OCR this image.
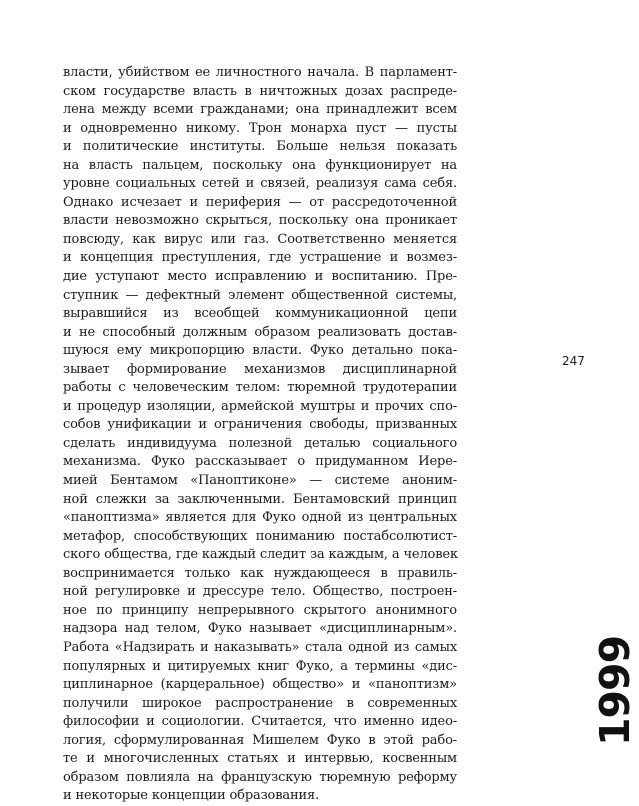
власти, убийством ее личностного начала. В парламент-
ском государстве власть в ничтожных дозах распреде-
лена между всеми гражданами; она принадлежит всем
и одновременно никому. Трон монарха пуст — пусты
и политические институты. Больше нельзя показать
на власть пальцем, поскольку она функционирует на
уровне социальных сетей и связей, реализуя сама себя.
Однако исчезает и периферия — от рассредоточенной
власти невозможно скрыться, поскольку она проникает
повсюду, как вирус или газ. Соответственно меняется
и концепция преступления, где устрашение и возмез-
дие уступают место исправлению и воспитанию. Пре-
ступник — дефектный элемент общественной системы,
выравшийся из всеобщей коммуникационной цепи
и не способный должным образом реализовать достав-
шуюся ему микропорцию власти. Фуко детально пока-
зывает формирование механизмов дисциплинарной
работы с человеческим телом: тюремной трудотерапии
и процедур изоляции, армейской муштры и прочих спо-
собов унификации и ограничения свободы, призванных
сделать индивидуума полезной деталью социального
механизма. Фуко рассказывает о придуманном Иере-
мией Бентамом «Паноптиконе» — системе аноним-
ной слежки за заключенными. Бентамовский принцип
«паноптизма» является для Фуко одной из центральных
метафор, способствующих пониманию постабсолютист-
ского общества, где каждый следит за каждым, а человек
воспринимается только как нуждающееся в правиль-
ной регулировке и дрессуре тело. Общество, построен-
ное по принципу непрерывного скрытого анонимного
надзора над телом, Фуко называет «дисциплинарным».
Работа «Надзирать и наказывать» стала одной из самых
популярных и цитируемых книг Фуко, а термины «дис-
циплинарное (карцеральное) общество» и «паноптизм»
получили широкое распространение в современных
философии и социологии. Считается, что именно идео-
логия, сформулированная Мишелем Фуко в этой рабо-
те и многочисленных статьях и интервью, косвенным
образом повлияла на французскую тюремную реформу
и некоторые концепции образования.
247
1999
